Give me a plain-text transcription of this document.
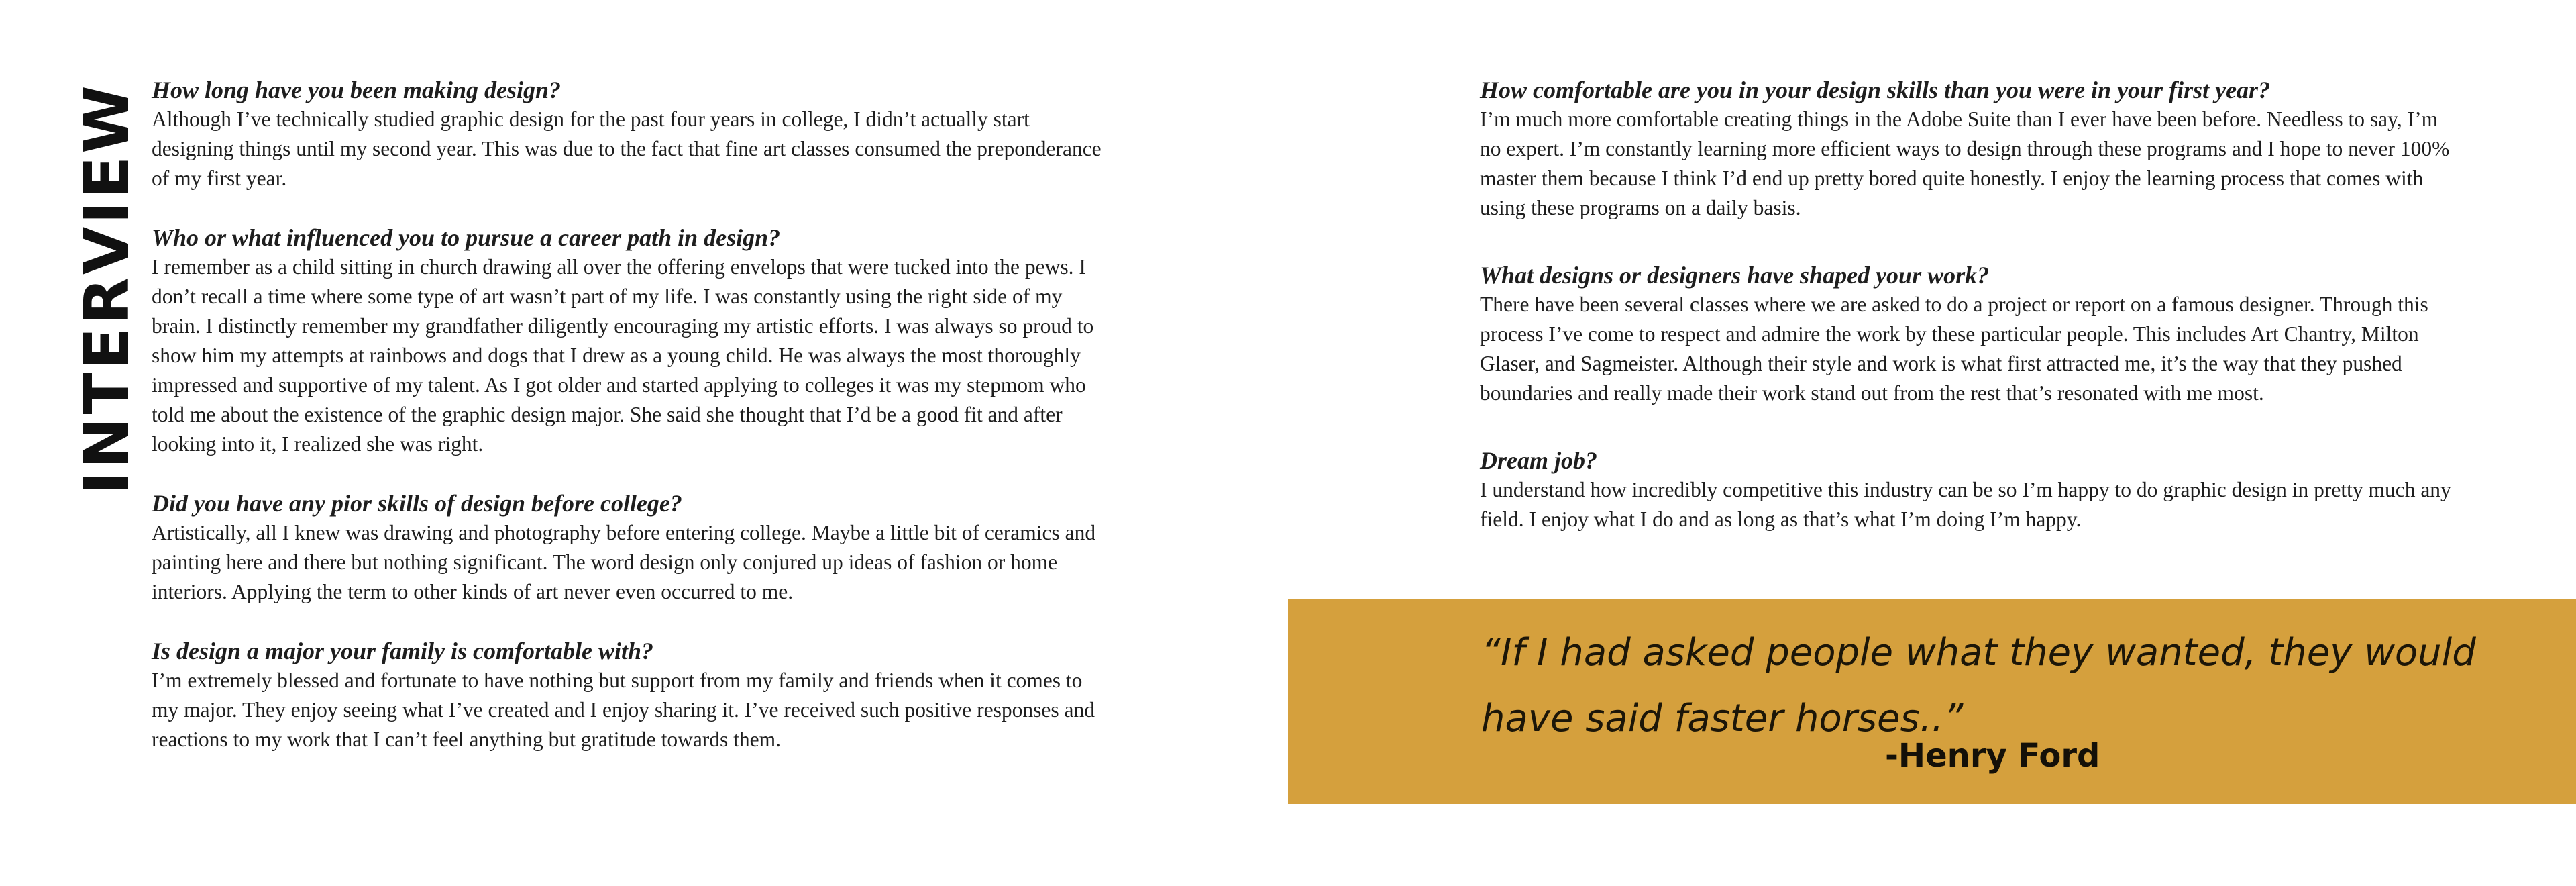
INTERVIEW How long have you been making design?

Although I’ve technically studied graphic design for the past four years in college, I didn’t actually start designing things until my second year. This was due to the fact that fine art classes consumed the preponderance of my first year.

Who or what influenced you to pursue a career path in design?

I remember as a child sitting in church drawing all over the offering envelops that were tucked into the pews. I don’t recall a time where some type of art wasn’t part of my life. I was constantly using the right side of my brain. I distinctly remember my grandfather diligently encouraging my artistic efforts. I was always so proud to show him my attempts at rainbows and dogs that I drew as a young child. He was always the most thoroughly impressed and supportive of my talent. As I got older and started applying to colleges it was my stepmom who told me about the existence of the graphic design major. She said she thought that I’d be a good fit and after looking into it, I realized she was right.

Did you have any pior skills of design before college?

Artistically, all I knew was drawing and photography before entering college. Maybe a little bit of ceramics and painting here and there but nothing significant. The word design only conjured up ideas of fashion or home interiors. Applying the term to other kinds of art never even occurred to me.

Is design a major your family is comfortable with?

I’m extremely blessed and fortunate to have nothing but support from my family and friends when it comes to my major. They enjoy seeing what I’ve created and I enjoy sharing it. I’ve received such positive responses and reactions to my work that I can’t feel anything but gratitude towards them.

How comfortable are you in your design skills than you were in your first year?

I’m much more comfortable creating things in the Adobe Suite than I ever have been before. Needless to say, I’m no expert. I’m constantly learning more efficient ways to design through these programs and I hope to never 100% master them because I think I’d end up pretty bored quite honestly. I enjoy the learning process that comes with using these programs on a daily basis.

What designs or designers have shaped your work?

There have been several classes where we are asked to do a project or report on a famous designer. Through this process I’ve come to respect and admire the work by these particular people. This includes Art Chantry, Milton Glaser, and Sagmeister. Although their style and work is what first attracted me, it’s the way that they pushed boundaries and really made their work stand out from the rest that’s resonated with me most.

Dream job?

I understand how incredibly competitive this industry can be so I’m happy to do graphic design in pretty much any field. I enjoy what I do and as long as that’s what I’m doing I’m happy.

“If I had asked people what they wanted, they would have said faster horses..”

-Henry Ford
